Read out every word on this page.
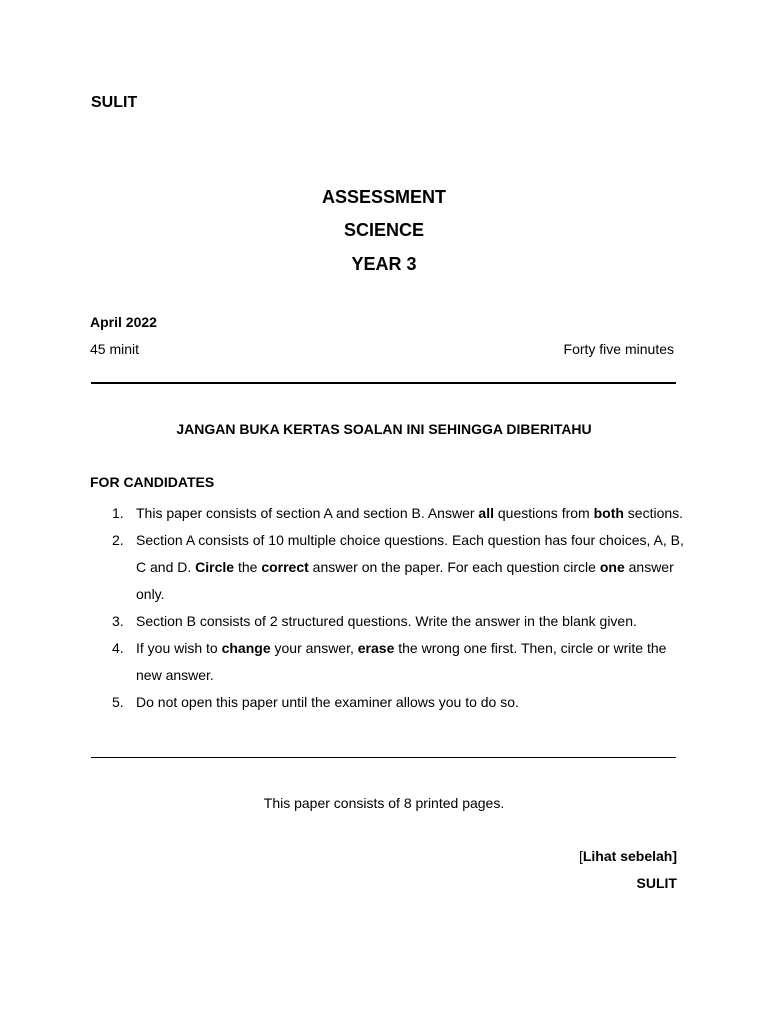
SULIT
ASSESSMENT
SCIENCE
YEAR 3
April 2022
45 minit	Forty five minutes
JANGAN BUKA KERTAS SOALAN INI SEHINGGA DIBERITAHU
FOR CANDIDATES
1. This paper consists of section A and section B. Answer all questions from both sections.
2. Section A consists of 10 multiple choice questions. Each question has four choices, A, B, C and D. Circle the correct answer on the paper. For each question circle one answer only.
3. Section B consists of 2 structured questions. Write the answer in the blank given.
4. If you wish to change your answer, erase the wrong one first. Then, circle or write the new answer.
5. Do not open this paper until the examiner allows you to do so.
This paper consists of 8 printed pages.
[Lihat sebelah]
SULIT
